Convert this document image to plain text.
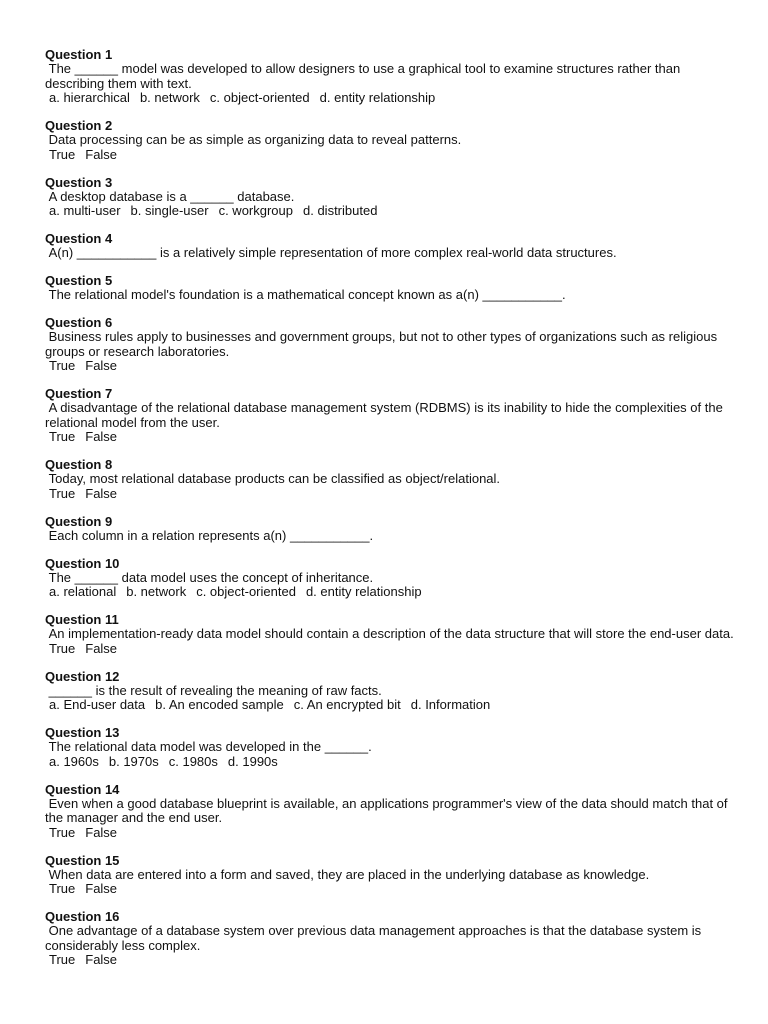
Question 1

The ______ model was developed to allow designers to use a graphical tool to examine structures rather than describing them with text.

a. hierarchical b. network c. object-oriented d. entity relationship

Question 2

Data processing can be as simple as organizing data to reveal patterns.

True False

Question 3

A desktop database is a ______ database.

a. multi-user b. single-user c. workgroup d. distributed

Question 4

A(n) ___________ is a relatively simple representation of more complex real-world data structures.

Question 5

The relational model's foundation is a mathematical concept known as a(n) ___________.

Question 6

Business rules apply to businesses and government groups, but not to other types of organizations such as religious groups or research laboratories.

True False

Question 7

A disadvantage of the relational database management system (RDBMS) is its inability to hide the complexities of the relational model from the user.

True False

Question 8

Today, most relational database products can be classified as object/relational.

True False

Question 9

Each column in a relation represents a(n) ___________.

Question 10

The ______ data model uses the concept of inheritance.

a. relational b. network c. object-oriented d. entity relationship

Question 11

An implementation-ready data model should contain a description of the data structure that will store the end-user data.

True False

Question 12

______ is the result of revealing the meaning of raw facts.

a. End-user data b. An encoded sample c. An encrypted bit d. Information

Question 13

The relational data model was developed in the ______.

a. 1960s b. 1970s c. 1980s d. 1990s

Question 14

Even when a good database blueprint is available, an applications programmer's view of the data should match that of the manager and the end user.

True False

Question 15

When data are entered into a form and saved, they are placed in the underlying database as knowledge.

True False

Question 16

One advantage of a database system over previous data management approaches is that the database system is considerably less complex.

True False
